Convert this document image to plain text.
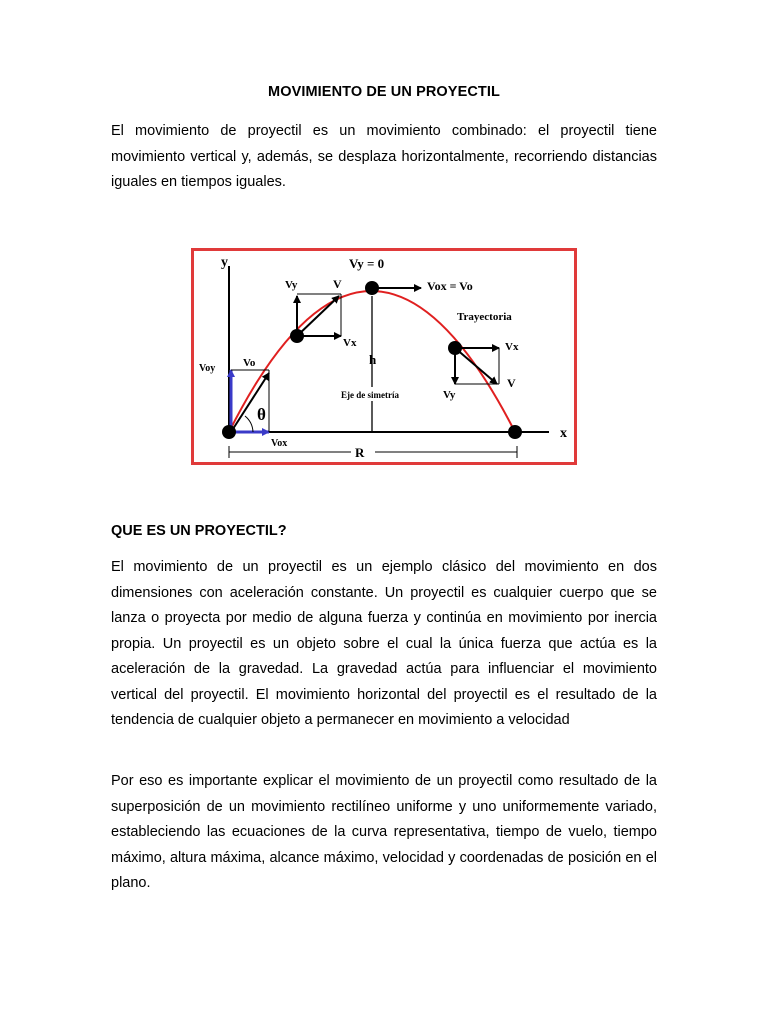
MOVIMIENTO DE UN PROYECTIL

El movimiento de proyectil es un movimiento combinado: el proyectil tiene movimiento vertical y, además, se desplaza horizontalmente, recorriendo distancias iguales en tiempos iguales.

y
x
Vy = 0
Vox = Vo
Trayectoria
Vy	V
Vx
h
Eje de simetría
Voy	Vo
θ
Vox
R
Vx
V
Vy
QUE ES UN PROYECTIL?

El movimiento de un proyectil es un ejemplo clásico del movimiento en dos dimensiones con aceleración constante. Un proyectil es cualquier cuerpo que se lanza o proyecta por medio de alguna fuerza y continúa en movimiento por inercia propia. Un proyectil es un objeto sobre el cual la única fuerza que actúa es la aceleración de la gravedad. La gravedad actúa para influenciar el movimiento vertical del proyectil. El movimiento horizontal del proyectil es el resultado de la tendencia de cualquier objeto a permanecer en movimiento a velocidad

Por eso es importante explicar el movimiento de un proyectil como resultado de la superposición de un movimiento rectilíneo uniforme y uno uniformemente variado, estableciendo las ecuaciones de la curva representativa, tiempo de vuelo, tiempo máximo, altura máxima, alcance máximo, velocidad y coordenadas de posición en el plano.
